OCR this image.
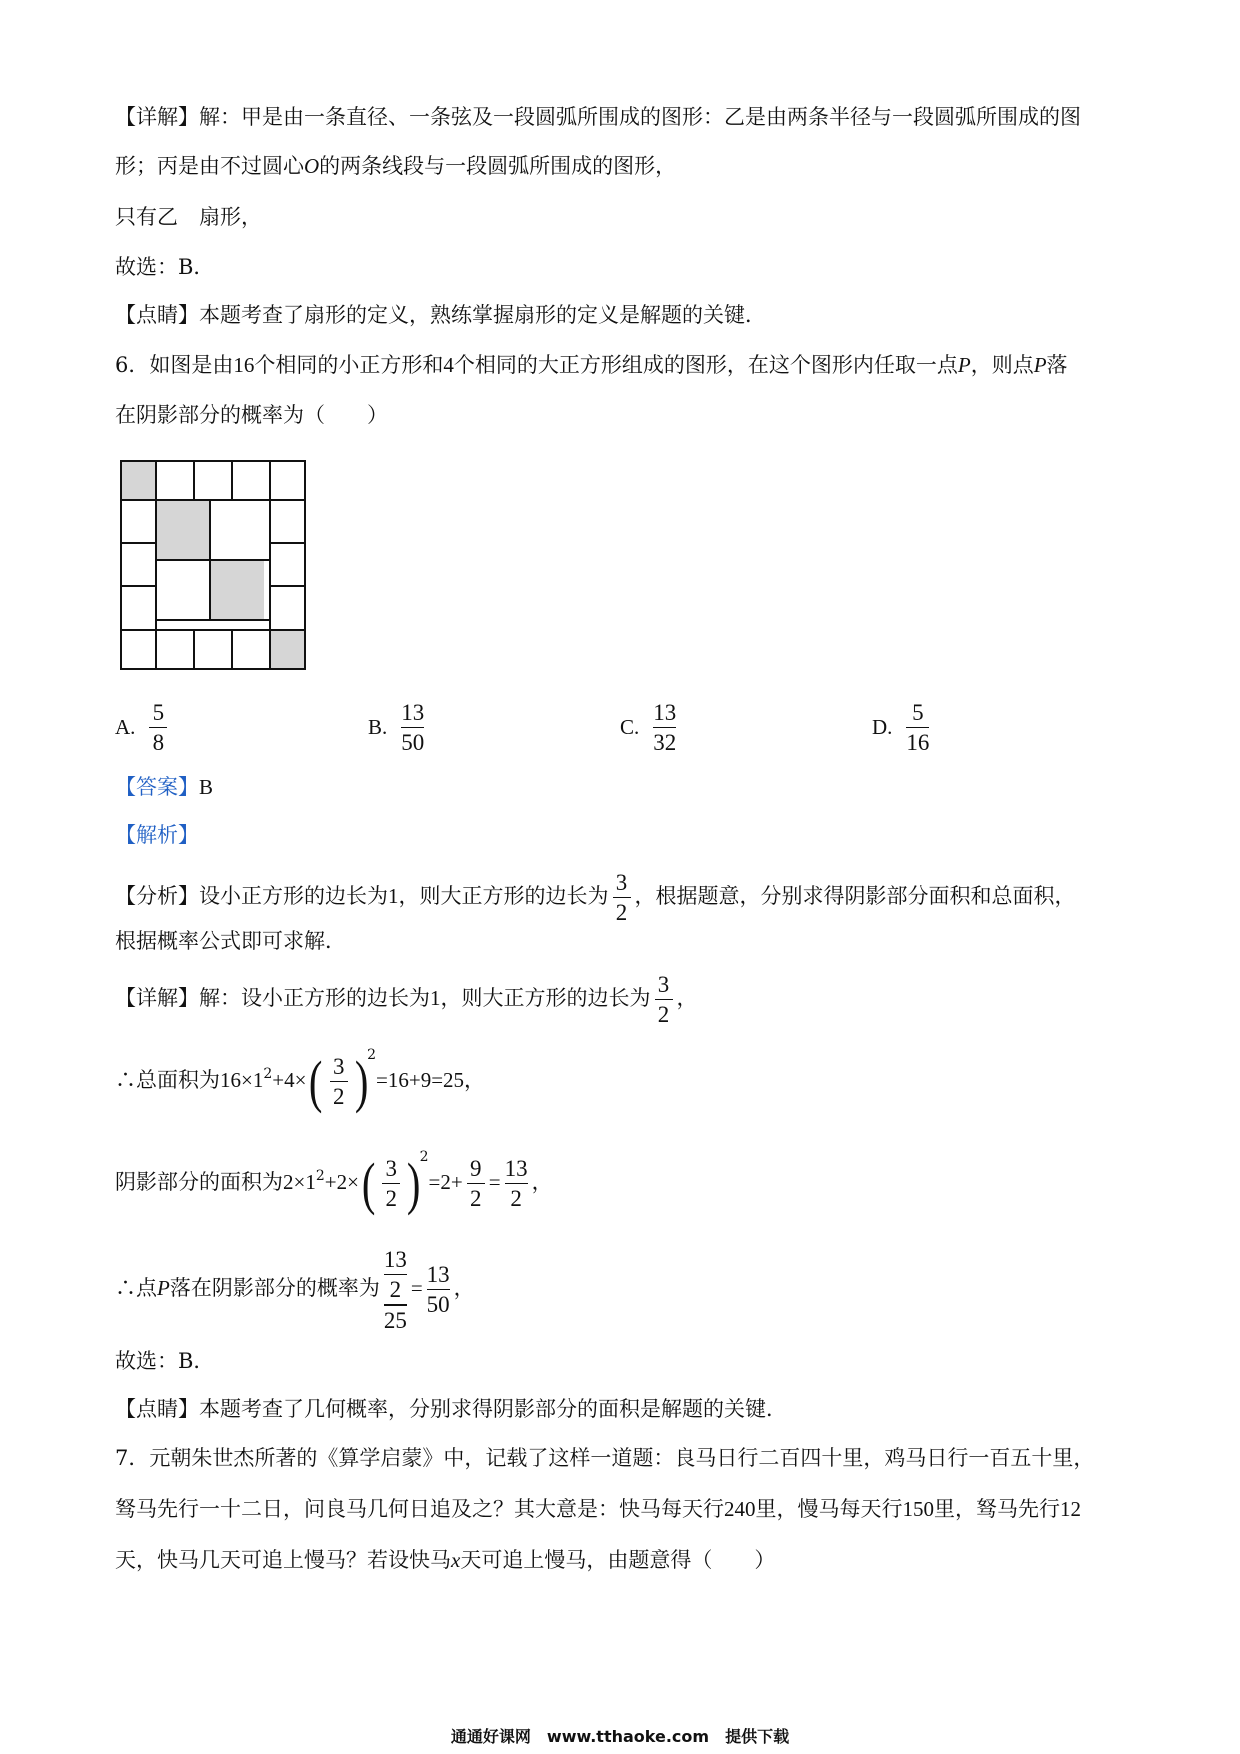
【详解】解：甲是由一条直径、一条弦及一段圆弧所围成的图形：乙是由两条半径与一段圆弧所围成的图
形；丙是由不过圆心O的两条线段与一段圆弧所围成的图形，
只有乙　扇形，
故选：B．
【点睛】本题考查了扇形的定义，熟练掌握扇形的定义是解题的关键．
6．如图是由16个相同的小正方形和4个相同的大正方形组成的图形，在这个图形内任取一点P，则点P落
在阴影部分的概率为（　　）
A. $\frac{5}{8}$	B. $\frac{13}{50}$	C. $\frac{13}{32}$	D. $\frac{5}{16}$
【答案】B
【解析】
【分析】设小正方形的边长为1，则大正方形的边长为 $\frac{3}{2}$ ，根据题意，分别求得阴影部分面积和总面积，
根据概率公式即可求解．
【详解】解：设小正方形的边长为1，则大正方形的边长为 $\frac{3}{2}$ ，
∴总面积为$16\times 1^2+4\times( \frac{3}{2} )^2=16+9=25$，
阴影部分的面积为$2\times 1^2+2\times( \frac{3}{2} )^2=2+ \frac{9}{2} = \frac{13}{2}$ ，
∴点P落在阴影部分的概率为 $\frac{\frac{13}{2}}{25} = \frac{13}{50}$ ，
故选：B．
【点睛】本题考查了几何概率，分别求得阴影部分的面积是解题的关键．
7．元朝朱世杰所著的《算学启蒙》中，记载了这样一道题：良马日行二百四十里，鸡马日行一百五十里，
驽马先行一十二日，问良马几何日追及之？其大意是：快马每天行240里，慢马每天行150里，驽马先行12
天，快马几天可追上慢马？若设快马x天可追上慢马，由题意得（　　）
通通好课网　www.tthaoke.com　提供下载
